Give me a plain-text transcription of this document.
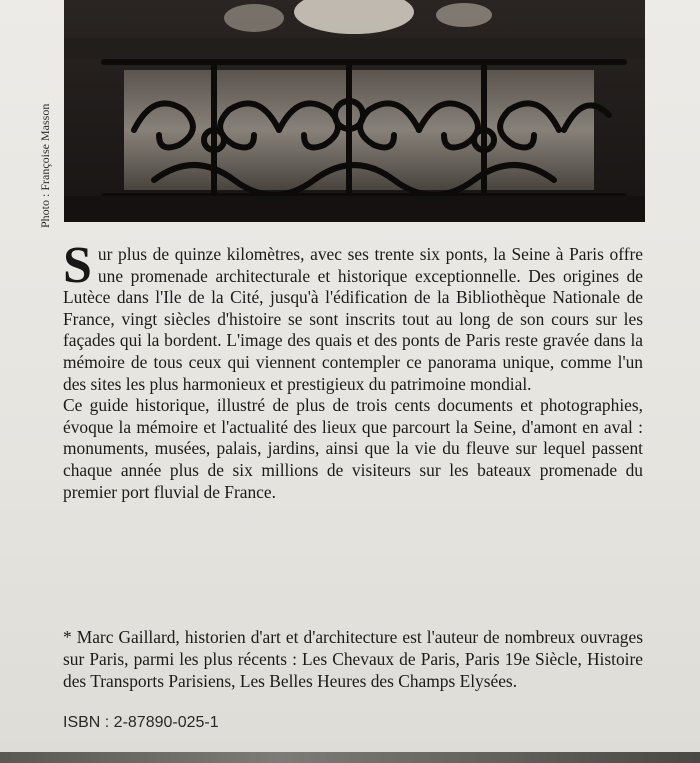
Photo : Françoise Masson

Sur plus de quinze kilomètres, avec ses trente six ponts, la Seine à Paris offre une promenade architecturale et historique exceptionnelle. Des origines de Lutèce dans l'Ile de la Cité, jusqu'à l'édification de la Bibliothèque Nationale de France, vingt siècles d'histoire se sont inscrits tout au long de son cours sur les façades qui la bordent. L'image des quais et des ponts de Paris reste gravée dans la mémoire de tous ceux qui viennent contempler ce panorama unique, comme l'un des sites les plus harmonieux et prestigieux du patrimoine mondial.

Ce guide historique, illustré de plus de trois cents documents et photographies, évoque la mémoire et l'actualité des lieux que parcourt la Seine, d'amont en aval : monuments, musées, palais, jardins, ainsi que la vie du fleuve sur lequel passent chaque année plus de six millions de visiteurs sur les bateaux promenade du premier port fluvial de France.

* Marc Gaillard, historien d'art et d'architecture est l'auteur de nombreux ouvrages sur Paris, parmi les plus récents : Les Chevaux de Paris, Paris 19e Siècle, Histoire des Transports Parisiens, Les Belles Heures des Champs Elysées.

ISBN : 2-87890-025-1
